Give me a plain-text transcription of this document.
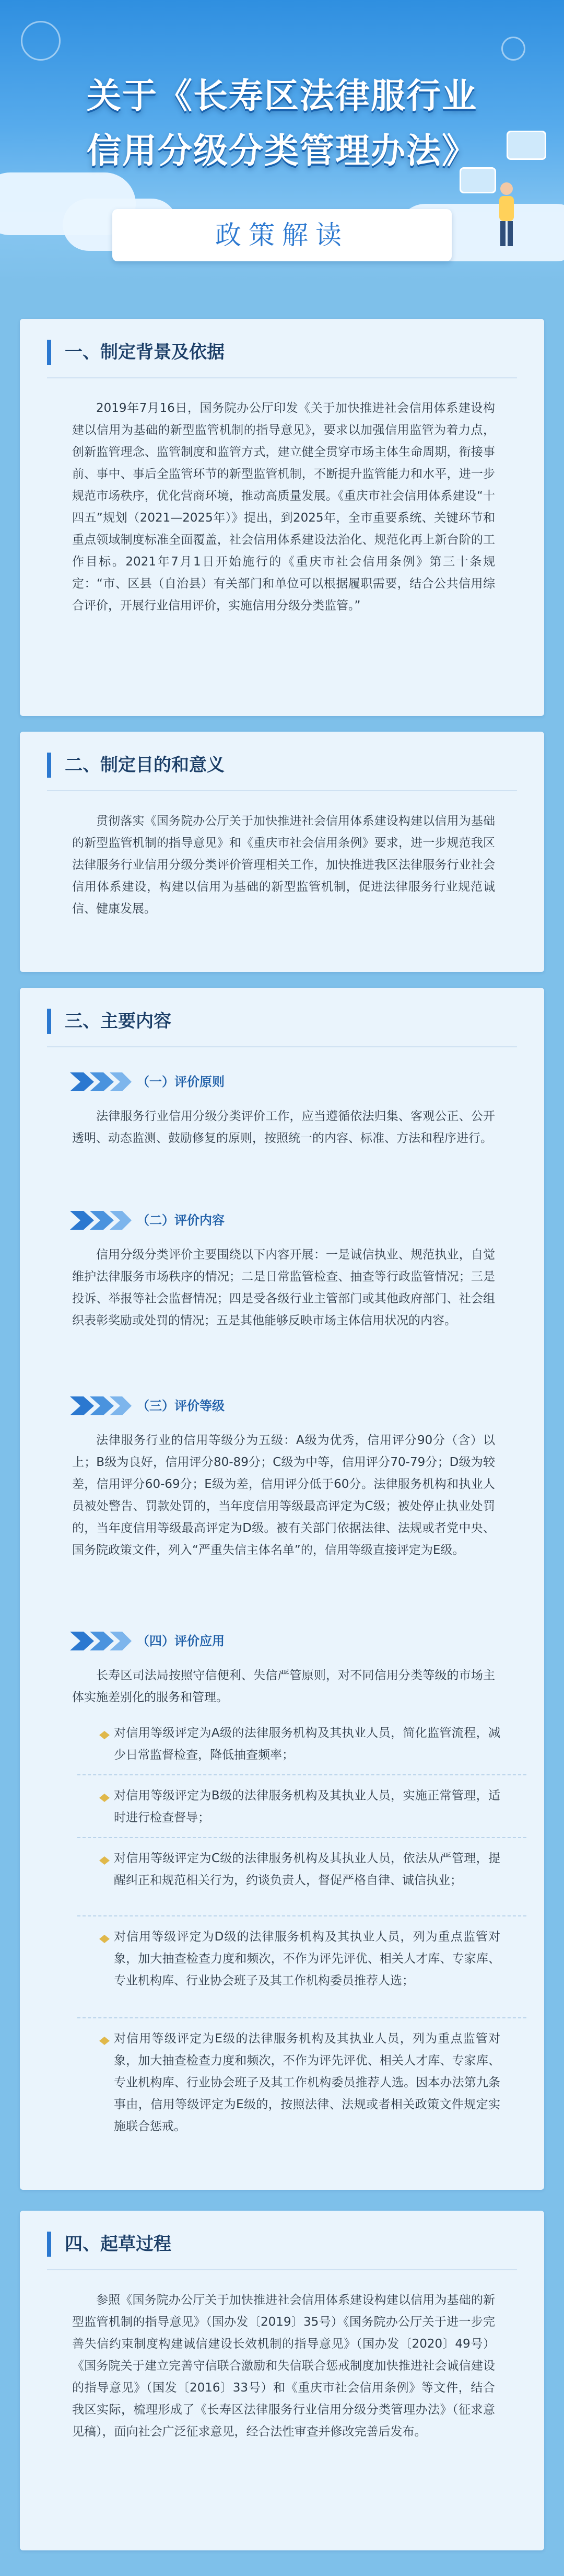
关于《长寿区法律服行业
信用分级分类管理办法》
政策解读
一、制定背景及依据

2019年7月16日，国务院办公厅印发《关于加快推进社会信用体系建设构建以信用为基础的新型监管机制的指导意见》，要求以加强信用监管为着力点，创新监管理念、监管制度和监管方式，建立健全贯穿市场主体生命周期，衔接事前、事中、事后全监管环节的新型监管机制，不断提升监管能力和水平，进一步规范市场秩序，优化营商环境，推动高质量发展。《重庆市社会信用体系建设“十四五”规划（2021—2025年）》提出，到2025年，全市重要系统、关键环节和重点领域制度标准全面覆盖，社会信用体系建设法治化、规范化再上新台阶的工作目标。2021年7月1日开始施行的《重庆市社会信用条例》第三十条规定：“市、区县（自治县）有关部门和单位可以根据履职需要，结合公共信用综合评价，开展行业信用评价，实施信用分级分类监管。”

二、制定目的和意义

贯彻落实《国务院办公厅关于加快推进社会信用体系建设构建以信用为基础的新型监管机制的指导意见》和《重庆市社会信用条例》要求，进一步规范我区法律服务行业信用分级分类评价管理相关工作，加快推进我区法律服务行业社会信用体系建设，构建以信用为基础的新型监管机制，促进法律服务行业规范诚信、健康发展。

三、主要内容
（一）评价原则

法律服务行业信用分级分类评价工作，应当遵循依法归集、客观公正、公开透明、动态监测、鼓励修复的原则，按照统一的内容、标准、方法和程序进行。

（二）评价内容

信用分级分类评价主要围绕以下内容开展：一是诚信执业、规范执业，自觉维护法律服务市场秩序的情况；二是日常监管检查、抽查等行政监管情况；三是投诉、举报等社会监督情况；四是受各级行业主管部门或其他政府部门、社会组织表彰奖励或处罚的情况；五是其他能够反映市场主体信用状况的内容。

（三）评价等级

法律服务行业的信用等级分为五级：A级为优秀，信用评分90分（含）以上；B级为良好，信用评分80-89分；C级为中等，信用评分70-79分；D级为较差，信用评分60-69分；E级为差，信用评分低于60分。法律服务机构和执业人员被处警告、罚款处罚的，当年度信用等级最高评定为C级；被处停止执业处罚的，当年度信用等级最高评定为D级。被有关部门依据法律、法规或者党中央、国务院政策文件，列入“严重失信主体名单”的，信用等级直接评定为E级。

（四）评价应用

长寿区司法局按照守信便利、失信严管原则，对不同信用分类等级的市场主体实施差别化的服务和管理。

对信用等级评定为A级的法律服务机构及其执业人员，简化监管流程，减少日常监督检查，降低抽查频率；

对信用等级评定为B级的法律服务机构及其执业人员，实施正常管理，适时进行检查督导；

对信用等级评定为C级的法律服务机构及其执业人员，依法从严管理，提醒纠正和规范相关行为，约谈负责人，督促严格自律、诚信执业；

对信用等级评定为D级的法律服务机构及其执业人员，列为重点监管对象，加大抽查检查力度和频次，不作为评先评优、相关人才库、专家库、专业机构库、行业协会班子及其工作机构委员推荐人选；

对信用等级评定为E级的法律服务机构及其执业人员，列为重点监管对象，加大抽查检查力度和频次，不作为评先评优、相关人才库、专家库、专业机构库、行业协会班子及其工作机构委员推荐人选。因本办法第九条事由，信用等级评定为E级的，按照法律、法规或者相关政策文件规定实施联合惩戒。

四、起草过程

参照《国务院办公厅关于加快推进社会信用体系建设构建以信用为基础的新型监管机制的指导意见》（国办发〔2019〕35号）《国务院办公厅关于进一步完善失信约束制度构建诚信建设长效机制的指导意见》（国办发〔2020〕49号）《国务院关于建立完善守信联合激励和失信联合惩戒制度加快推进社会诚信建设的指导意见》（国发〔2016〕33号）和《重庆市社会信用条例》等文件，结合我区实际，梳理形成了《长寿区法律服务行业信用分级分类管理办法》（征求意见稿），面向社会广泛征求意见，经合法性审查并修改完善后发布。
